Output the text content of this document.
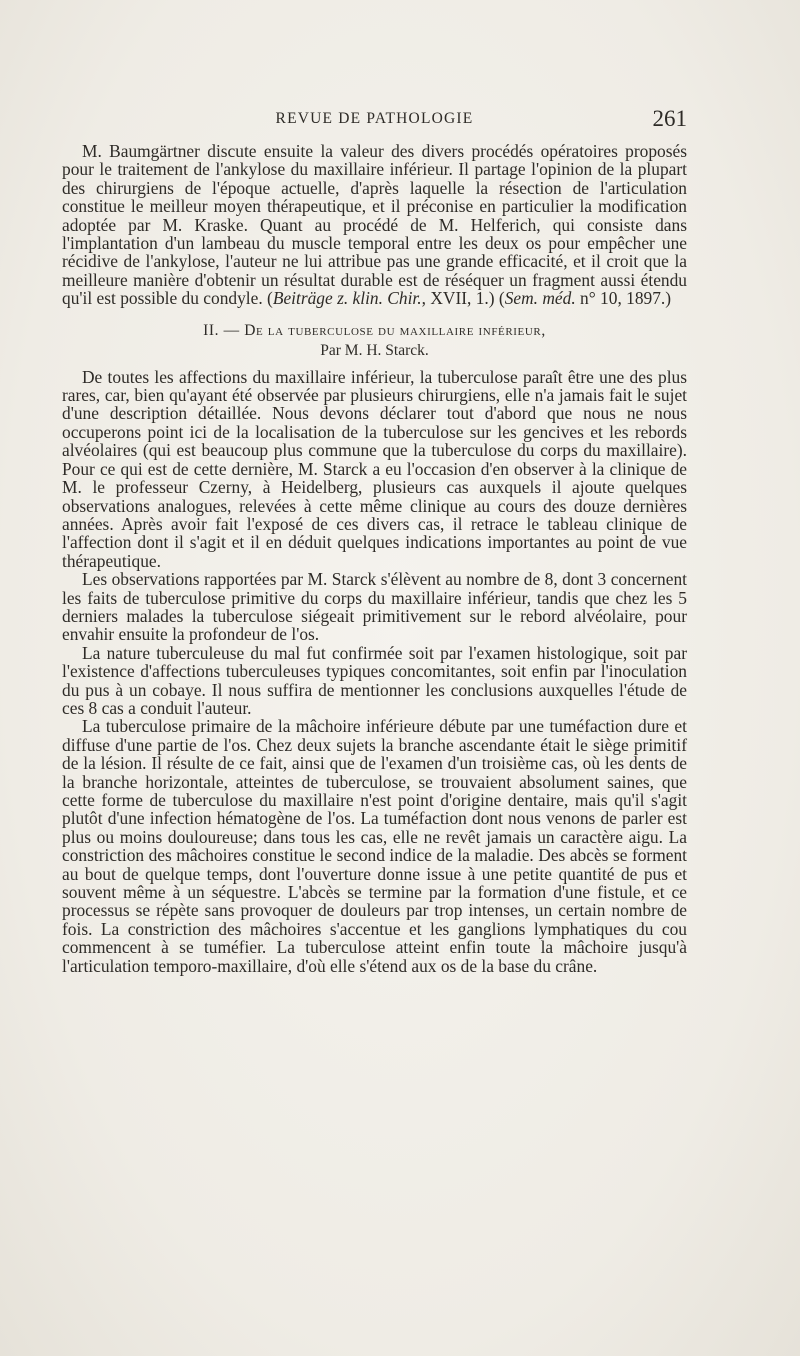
REVUE DE PATHOLOGIE	261

M. Baumgärtner discute ensuite la valeur des divers procédés opératoires proposés pour le traitement de l'ankylose du maxillaire inférieur. Il partage l'opinion de la plupart des chirurgiens de l'époque actuelle, d'après laquelle la résection de l'articulation constitue le meilleur moyen thérapeutique, et il préconise en particulier la modification adoptée par M. Kraske. Quant au procédé de M. Helferich, qui consiste dans l'implantation d'un lambeau du muscle temporal entre les deux os pour empêcher une récidive de l'ankylose, l'auteur ne lui attribue pas une grande efficacité, et il croit que la meilleure manière d'obtenir un résultat durable est de réséquer un fragment aussi étendu qu'il est possible du condyle. (Beiträge z. klin. Chir., XVII, 1.) (Sem. méd. n° 10, 1897.)

II. — De la tuberculose du maxillaire inférieur,
Par M. H. Starck.

De toutes les affections du maxillaire inférieur, la tuberculose paraît être une des plus rares, car, bien qu'ayant été observée par plusieurs chirurgiens, elle n'a jamais fait le sujet d'une description détaillée. Nous devons déclarer tout d'abord que nous ne nous occuperons point ici de la localisation de la tuberculose sur les gencives et les rebords alvéolaires (qui est beaucoup plus commune que la tuberculose du corps du maxillaire). Pour ce qui est de cette dernière, M. Starck a eu l'occasion d'en observer à la clinique de M. le professeur Czerny, à Heidelberg, plusieurs cas auxquels il ajoute quelques observations analogues, relevées à cette même clinique au cours des douze dernières années. Après avoir fait l'exposé de ces divers cas, il retrace le tableau clinique de l'affection dont il s'agit et il en déduit quelques indications importantes au point de vue thérapeutique.

Les observations rapportées par M. Starck s'élèvent au nombre de 8, dont 3 concernent les faits de tuberculose primitive du corps du maxillaire inférieur, tandis que chez les 5 derniers malades la tuberculose siégeait primitivement sur le rebord alvéolaire, pour envahir ensuite la profondeur de l'os.

La nature tuberculeuse du mal fut confirmée soit par l'examen histologique, soit par l'existence d'affections tuberculeuses typiques concomitantes, soit enfin par l'inoculation du pus à un cobaye. Il nous suffira de mentionner les conclusions auxquelles l'étude de ces 8 cas a conduit l'auteur.

La tuberculose primaire de la mâchoire inférieure débute par une tuméfaction dure et diffuse d'une partie de l'os. Chez deux sujets la branche ascendante était le siège primitif de la lésion. Il résulte de ce fait, ainsi que de l'examen d'un troisième cas, où les dents de la branche horizontale, atteintes de tuberculose, se trouvaient absolument saines, que cette forme de tuberculose du maxillaire n'est point d'origine dentaire, mais qu'il s'agit plutôt d'une infection hématogène de l'os. La tuméfaction dont nous venons de parler est plus ou moins douloureuse; dans tous les cas, elle ne revêt jamais un caractère aigu. La constriction des mâchoires constitue le second indice de la maladie. Des abcès se forment au bout de quelque temps, dont l'ouverture donne issue à une petite quantité de pus et souvent même à un séquestre. L'abcès se termine par la formation d'une fistule, et ce processus se répète sans provoquer de douleurs par trop intenses, un certain nombre de fois. La constriction des mâchoires s'accentue et les ganglions lymphatiques du cou commencent à se tuméfier. La tuberculose atteint enfin toute la mâchoire jusqu'à l'articulation temporo-maxillaire, d'où elle s'étend aux os de la base du crâne.
